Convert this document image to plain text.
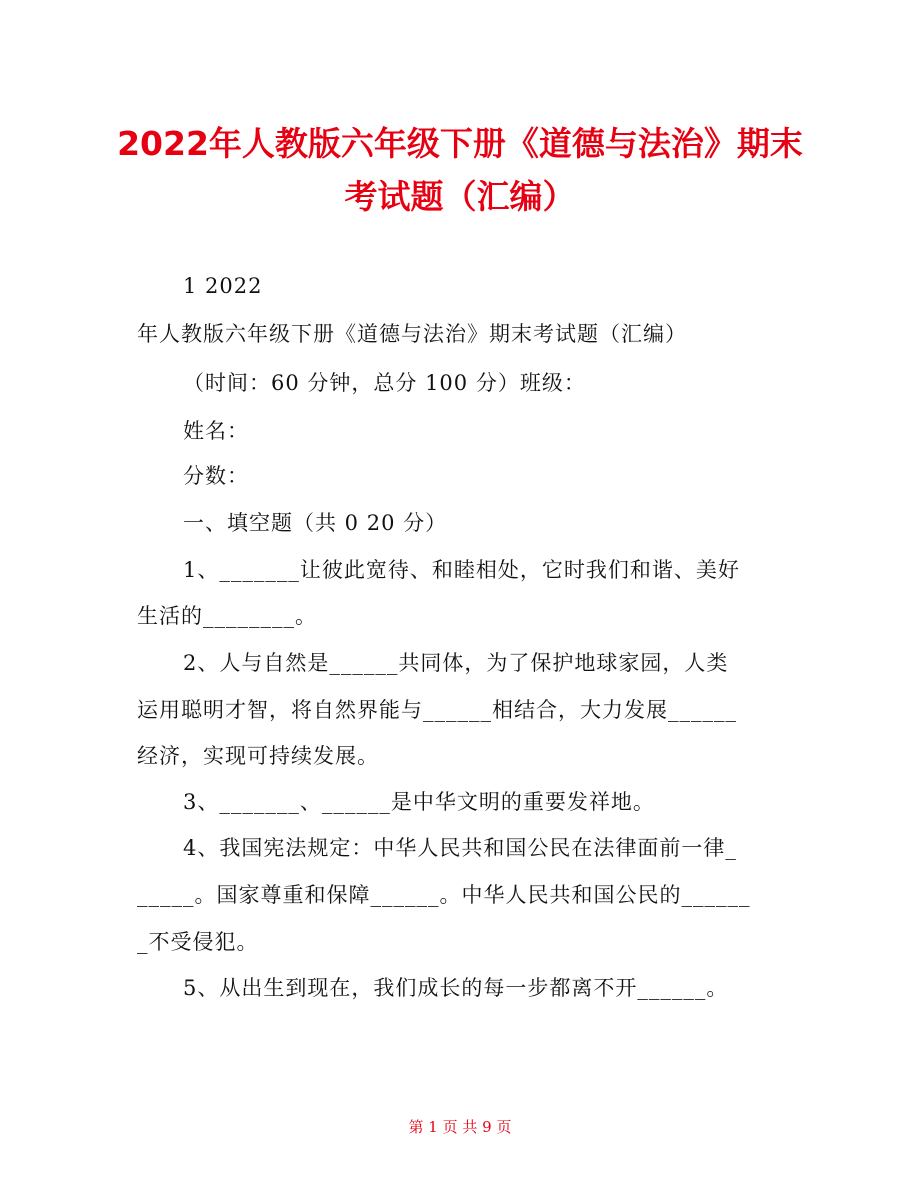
2022年人教版六年级下册《道德与法治》期末
考试题（汇编）
1 2022
年人教版六年级下册《道德与法治》期末考试题（汇编）
（时间：60 分钟，总分 100 分）班级：
姓名：
分数：
一、填空题（共 0 20 分）
1、_______让彼此宽待、和睦相处，它时我们和谐、美好
生活的________。
2、人与自然是______共同体，为了保护地球家园，人类
运用聪明才智，将自然界能与______相结合，大力发展______
经济，实现可持续发展。
3、_______、______是中华文明的重要发祥地。
4、我国宪法规定：中华人民共和国公民在法律面前一律_
_____。国家尊重和保障______。中华人民共和国公民的______
_不受侵犯。
5、从出生到现在，我们成长的每一步都离不开______。
第 1 页 共 9 页
